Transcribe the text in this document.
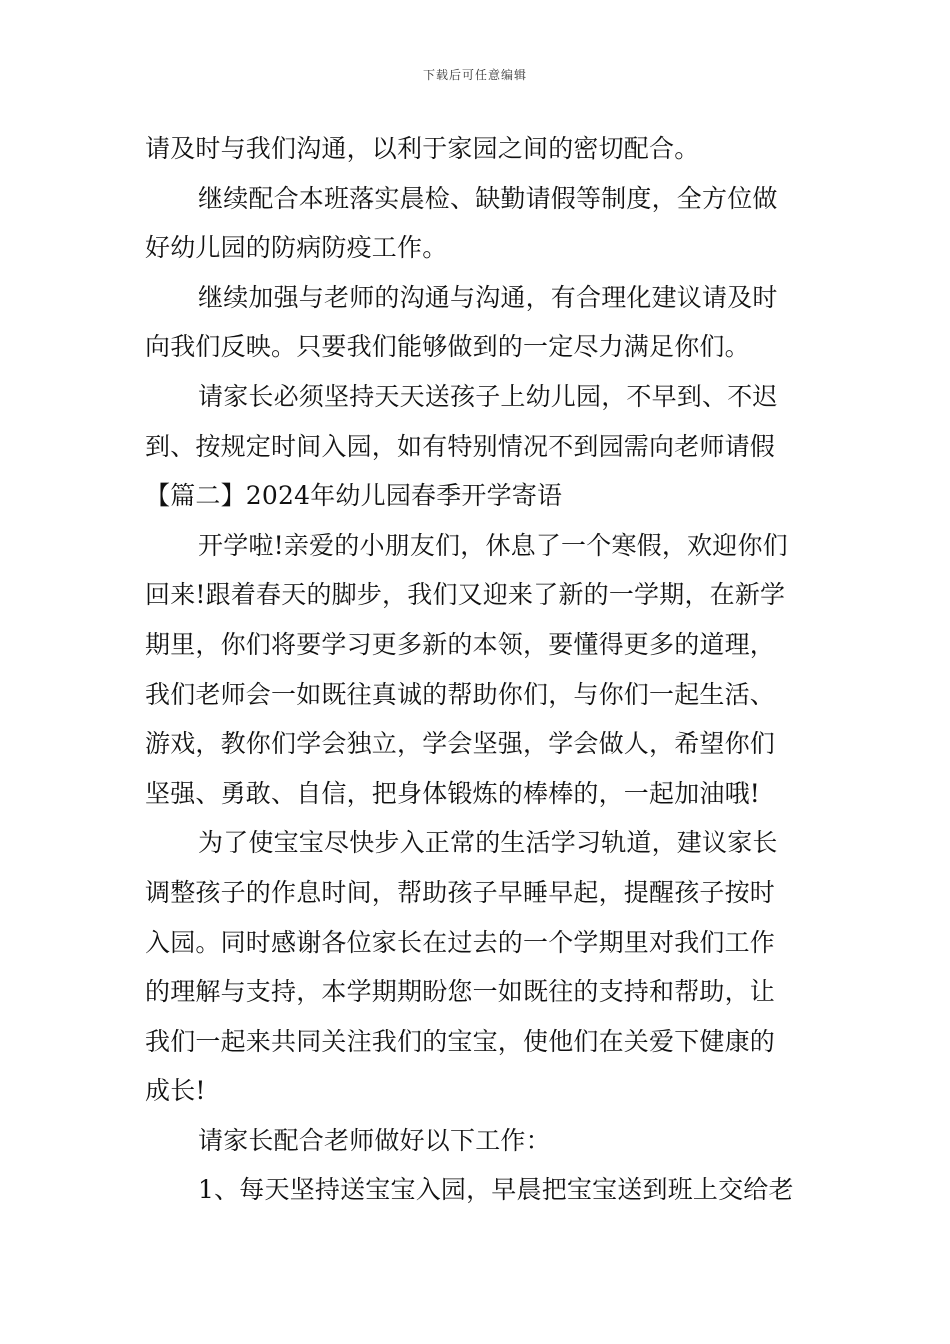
下载后可任意编辑
请及时与我们沟通，以利于家园之间的密切配合。
继续配合本班落实晨检、缺勤请假等制度，全方位做
好幼儿园的防病防疫工作。
继续加强与老师的沟通与沟通，有合理化建议请及时
向我们反映。只要我们能够做到的一定尽力满足你们。
请家长必须坚持天天送孩子上幼儿园，不早到、不迟
到、按规定时间入园，如有特别情况不到园需向老师请假
【篇二】2024年幼儿园春季开学寄语
开学啦!亲爱的小朋友们，休息了一个寒假，欢迎你们
回来!跟着春天的脚步，我们又迎来了新的一学期，在新学
期里，你们将要学习更多新的本领，要懂得更多的道理，
我们老师会一如既往真诚的帮助你们，与你们一起生活、
游戏，教你们学会独立，学会坚强，学会做人，希望你们
坚强、勇敢、自信，把身体锻炼的棒棒的，一起加油哦!
为了使宝宝尽快步入正常的生活学习轨道，建议家长
调整孩子的作息时间，帮助孩子早睡早起，提醒孩子按时
入园。同时感谢各位家长在过去的一个学期里对我们工作
的理解与支持，本学期期盼您一如既往的支持和帮助，让
我们一起来共同关注我们的宝宝，使他们在关爱下健康的
成长!
请家长配合老师做好以下工作：
1、每天坚持送宝宝入园，早晨把宝宝送到班上交给老
